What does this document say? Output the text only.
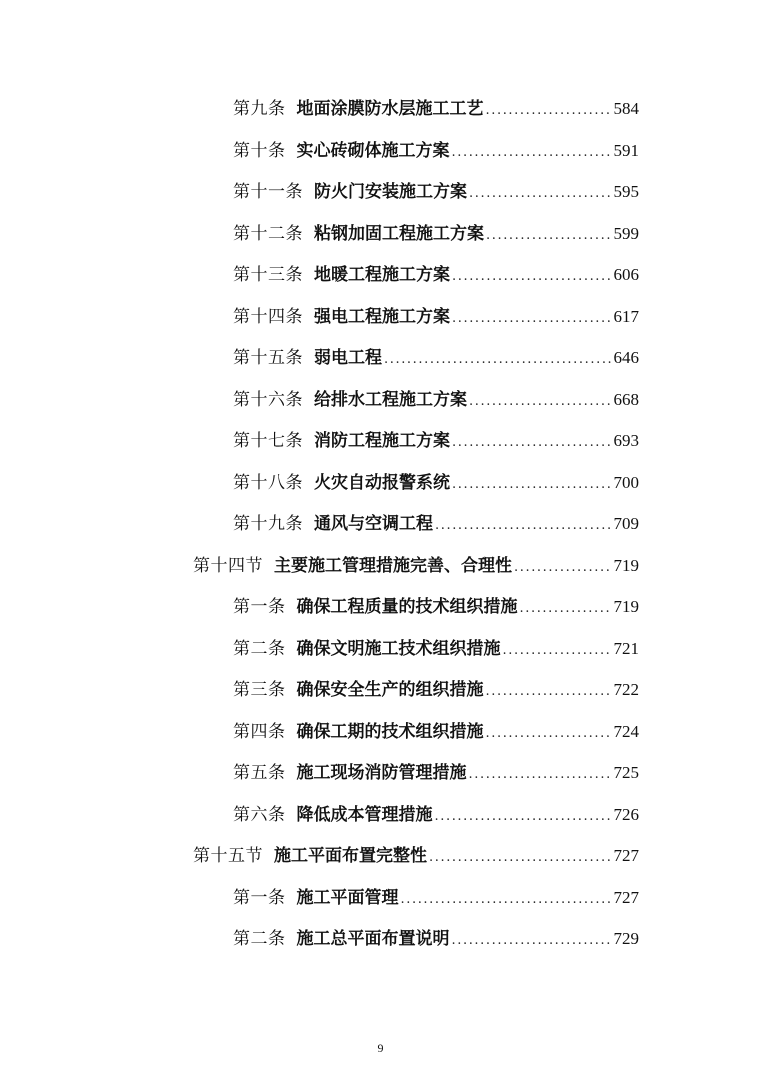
第九条 地面涂膜防水层施工工艺 .....	584
第十条 实心砖砌体施工方案 .....	591
第十一条 防火门安装施工方案 .....	595
第十二条 粘钢加固工程施工方案 .....	599
第十三条 地暖工程施工方案 .....	606
第十四条 强电工程施工方案 .....	617
第十五条 弱电工程 .....	646
第十六条 给排水工程施工方案 .....	668
第十七条 消防工程施工方案 .....	693
第十八条 火灾自动报警系统 .....	700
第十九条 通风与空调工程 .....	709
第十四节 主要施工管理措施完善、合理性 .....	719
第一条 确保工程质量的技术组织措施 .....	719
第二条 确保文明施工技术组织措施 .....	721
第三条 确保安全生产的组织措施 .....	722
第四条 确保工期的技术组织措施 .....	724
第五条 施工现场消防管理措施 .....	725
第六条 降低成本管理措施 .....	726
第十五节 施工平面布置完整性 .....	727
第一条 施工平面管理 .....	727
第二条 施工总平面布置说明 .....	729
9
